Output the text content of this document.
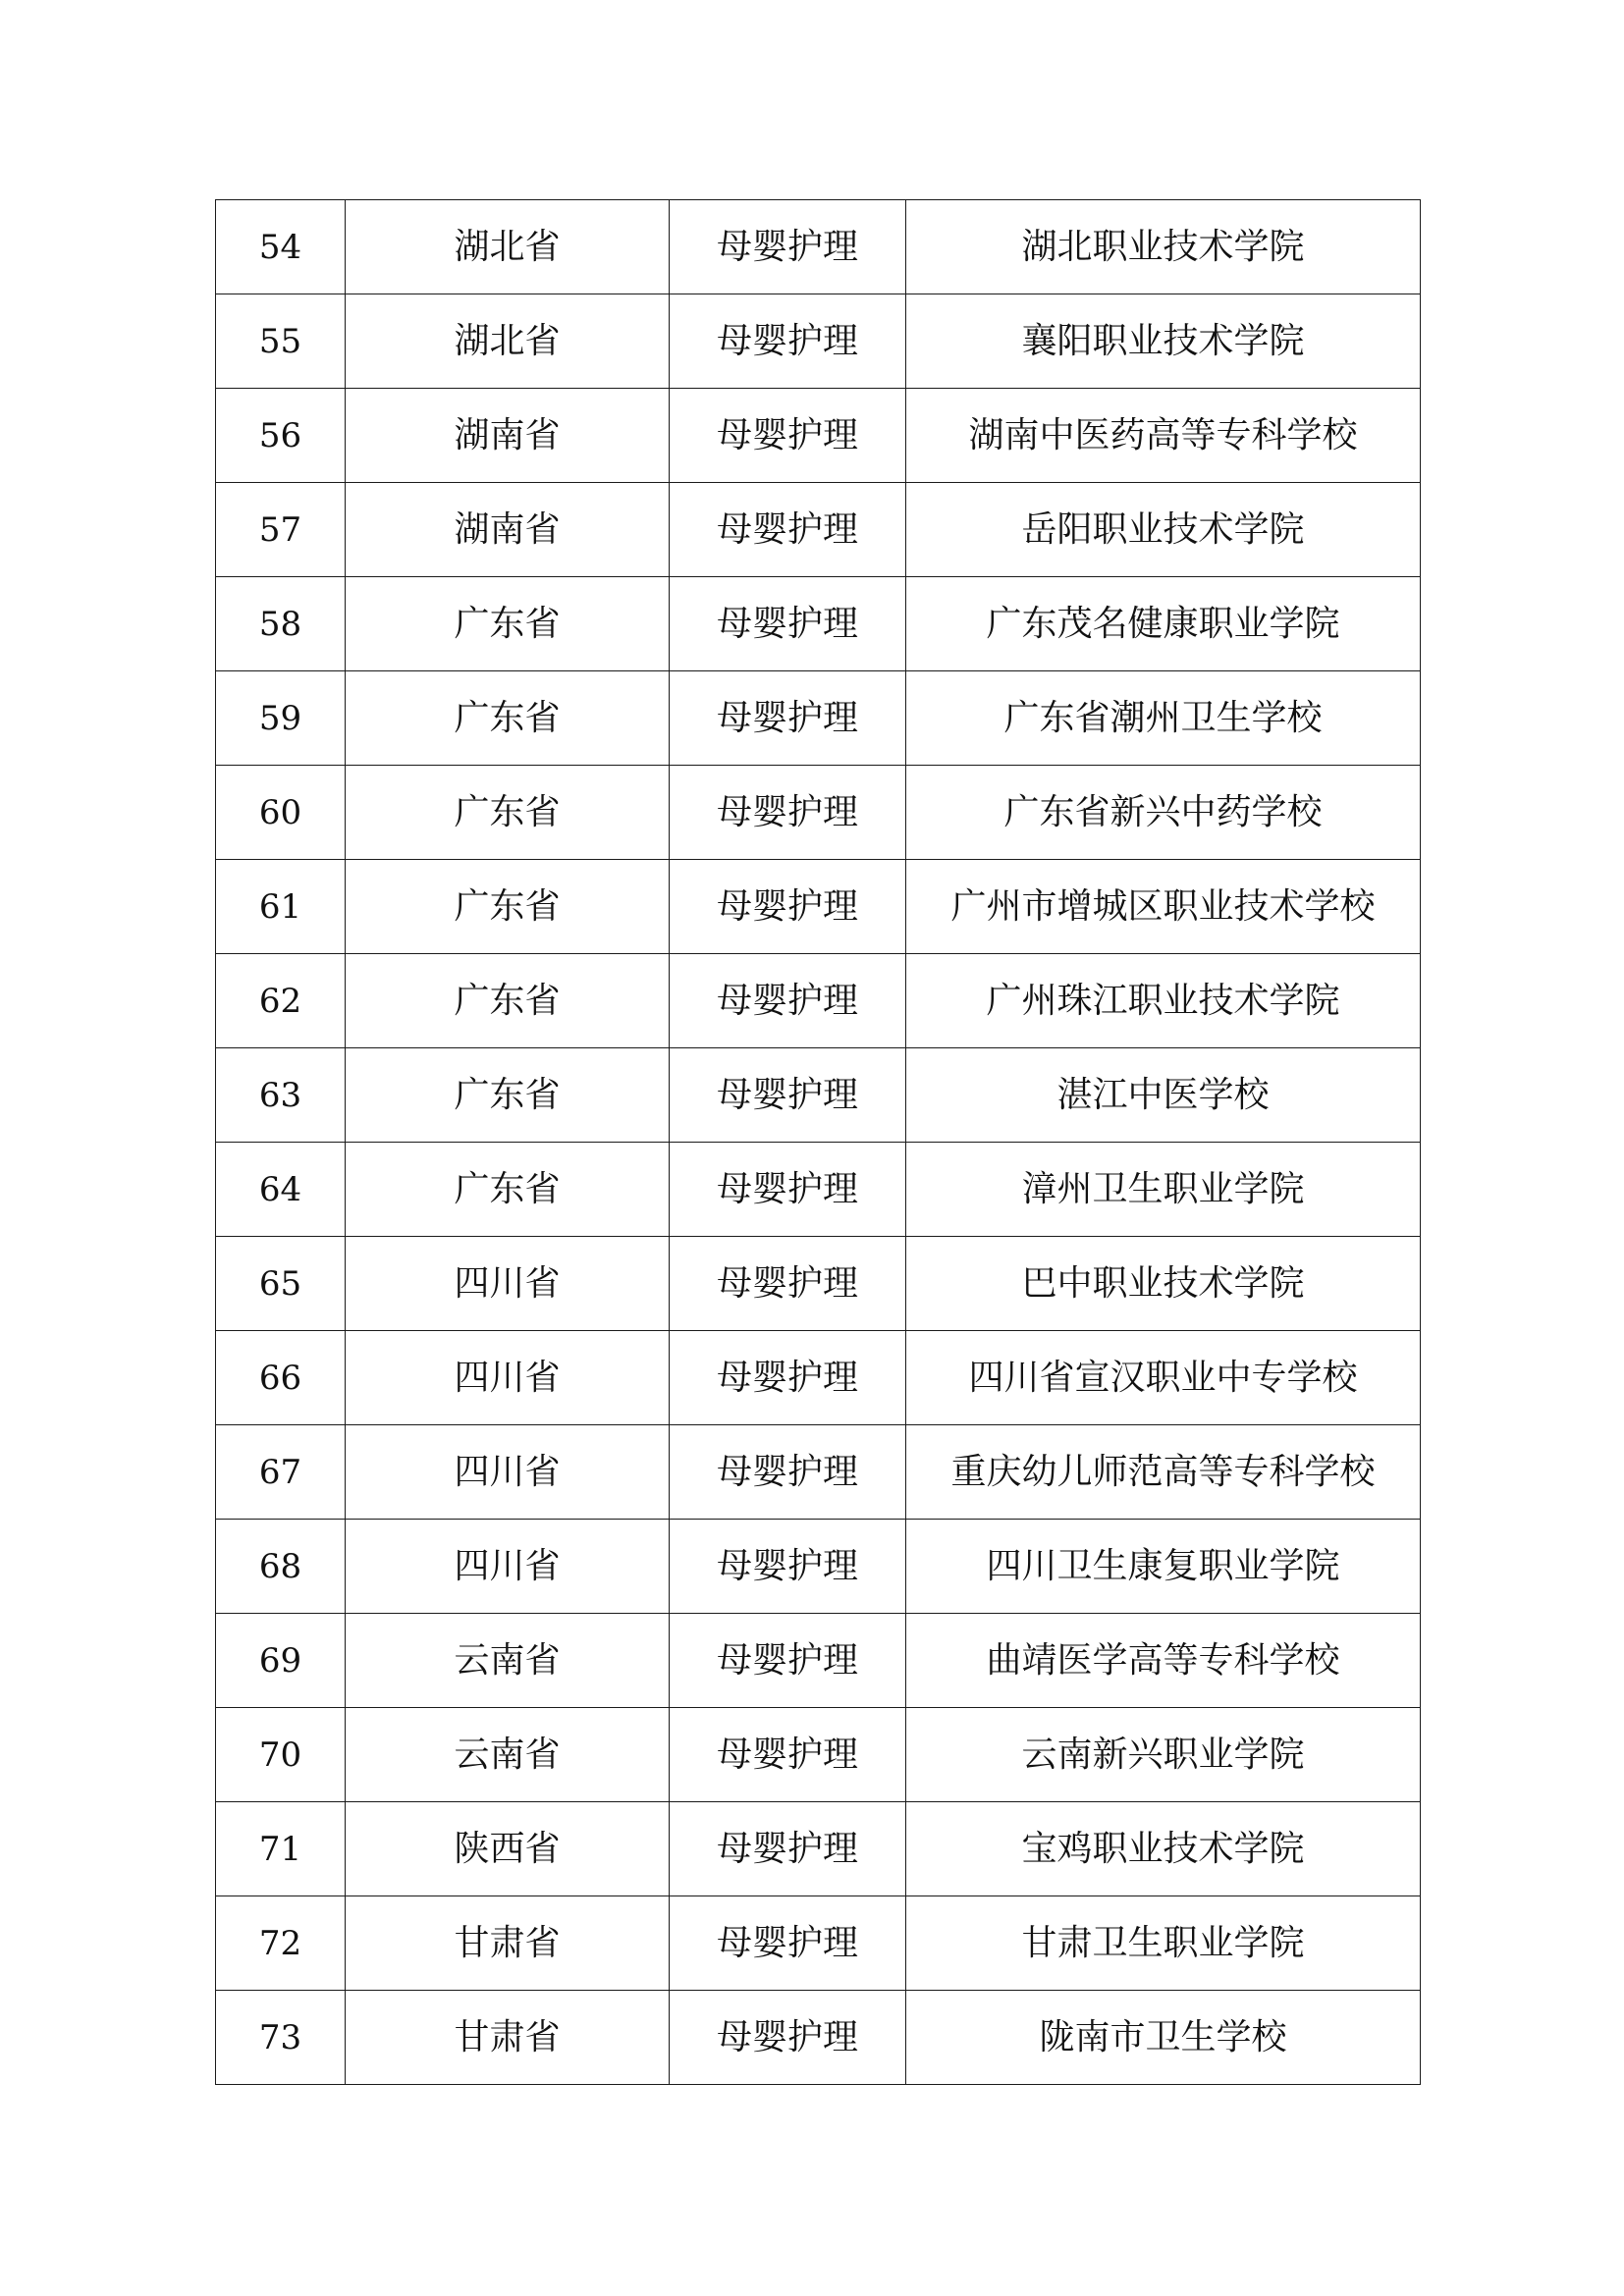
54	湖北省	母婴护理	湖北职业技术学院
55	湖北省	母婴护理	襄阳职业技术学院
56	湖南省	母婴护理	湖南中医药高等专科学校
57	湖南省	母婴护理	岳阳职业技术学院
58	广东省	母婴护理	广东茂名健康职业学院
59	广东省	母婴护理	广东省潮州卫生学校
60	广东省	母婴护理	广东省新兴中药学校
61	广东省	母婴护理	广州市增城区职业技术学校
62	广东省	母婴护理	广州珠江职业技术学院
63	广东省	母婴护理	湛江中医学校
64	广东省	母婴护理	漳州卫生职业学院
65	四川省	母婴护理	巴中职业技术学院
66	四川省	母婴护理	四川省宣汉职业中专学校
67	四川省	母婴护理	重庆幼儿师范高等专科学校
68	四川省	母婴护理	四川卫生康复职业学院
69	云南省	母婴护理	曲靖医学高等专科学校
70	云南省	母婴护理	云南新兴职业学院
71	陕西省	母婴护理	宝鸡职业技术学院
72	甘肃省	母婴护理	甘肃卫生职业学院
73	甘肃省	母婴护理	陇南市卫生学校
